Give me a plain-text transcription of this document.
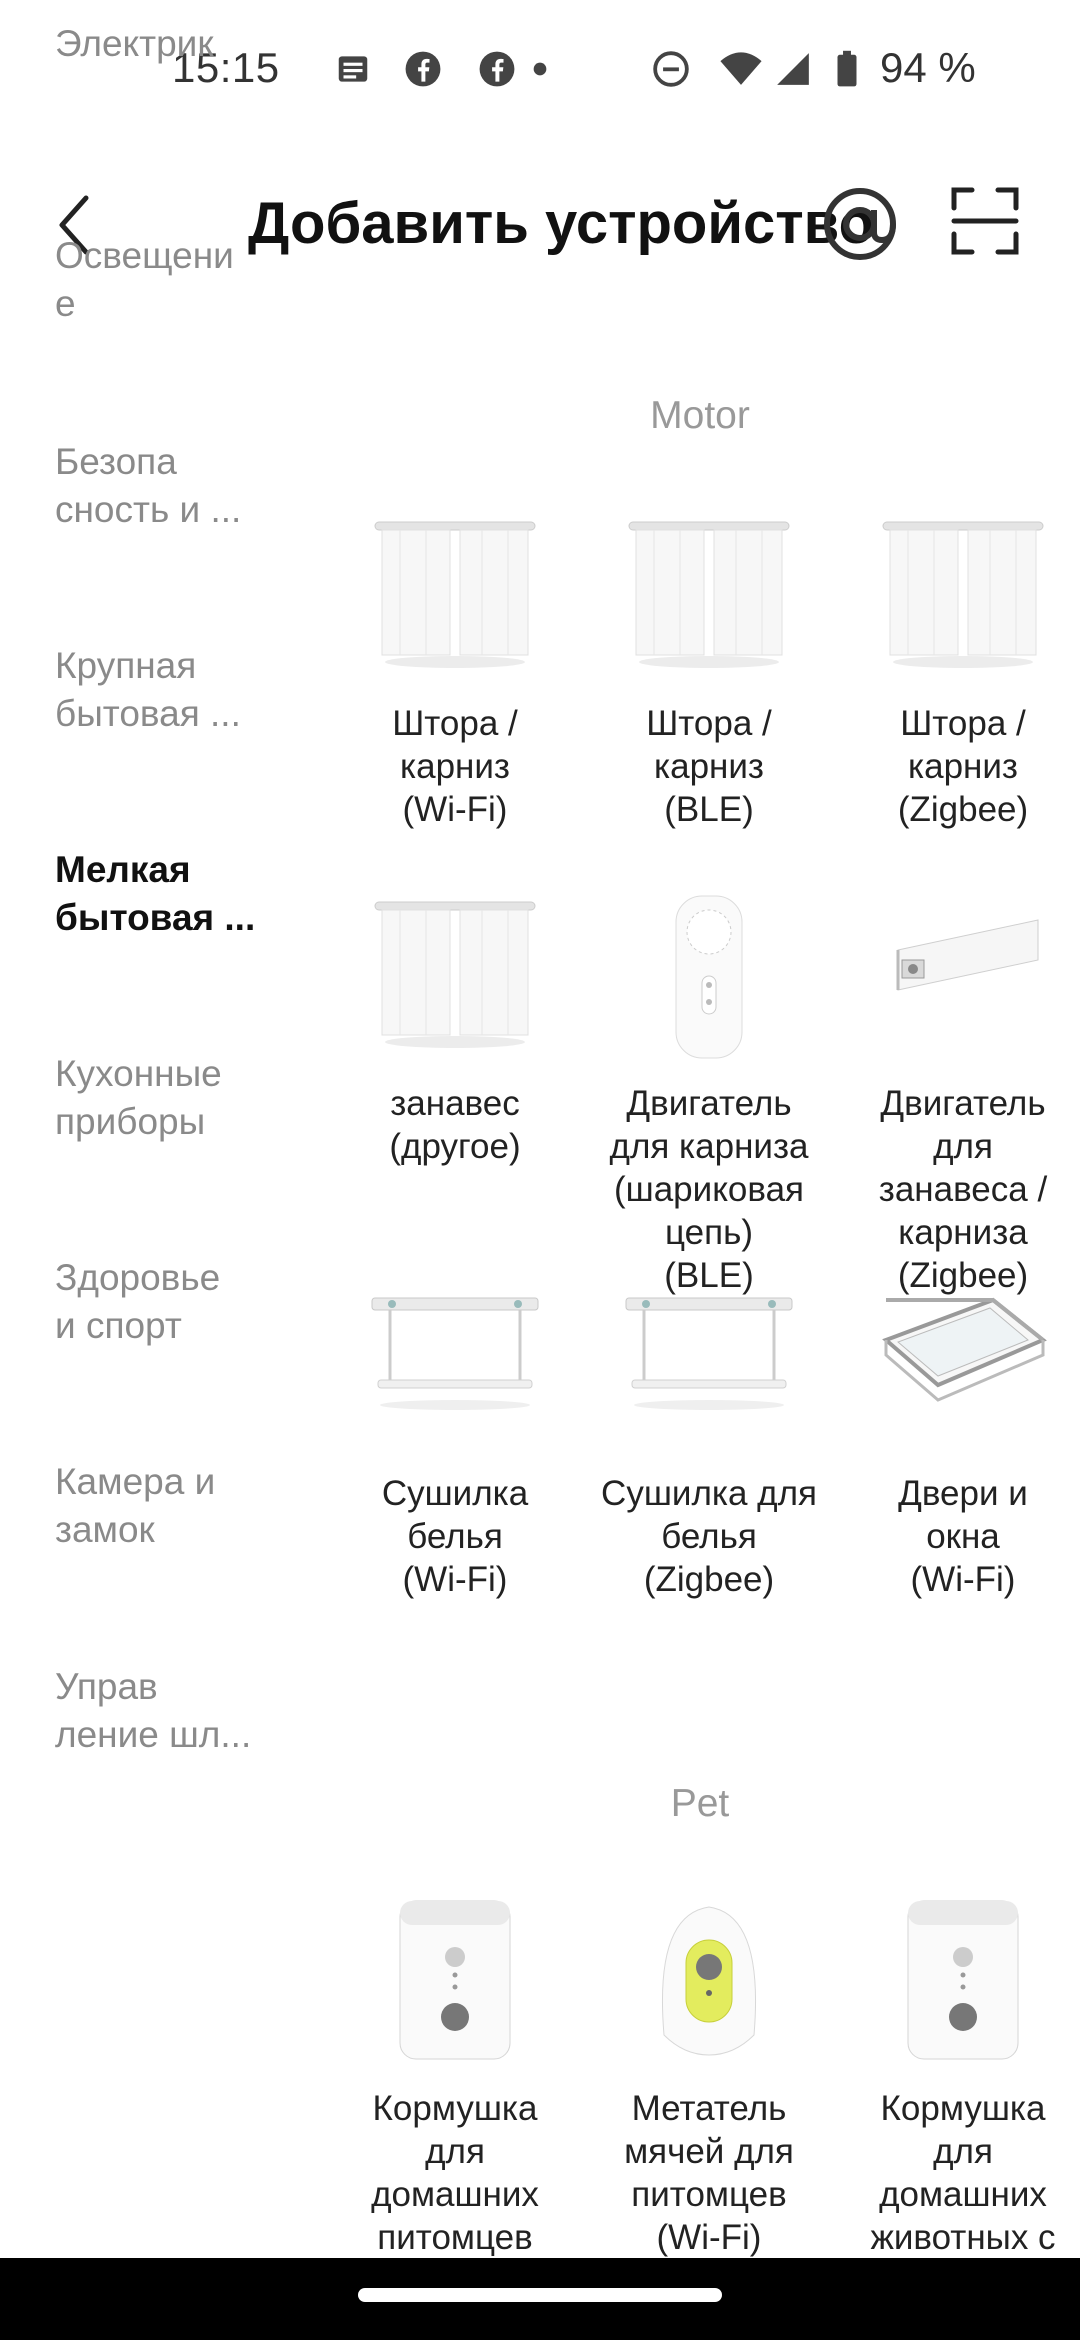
15:15	94 %
Добавить устройство
Электрик
Освещени
е
Безопа
сность и ...
Крупная
бытовая ...
Мелкая
бытовая ...
Кухонные
приборы
Здоровье
и спорт
Камера и
замок
Управ
ление шл...
Motor
Штора /
карниз
(Wi-Fi)
Штора /
карниз
(BLE)
Штора /
карниз
(Zigbee)
занавес
(другое)
Двигатель
для карниза
(шариковая
цепь)
(BLE)
Двигатель
для
занавеса /
карниза
(Zigbee)
Сушилка
белья
(Wi-Fi)
Сушилка для
белья
(Zigbee)
Двери и
окна
(Wi-Fi)
Pet
Кормушка
для
домашних
питомцев
Метатель
мячей для
питомцев
(Wi-Fi)
Кормушка
для
домашних
животных с
